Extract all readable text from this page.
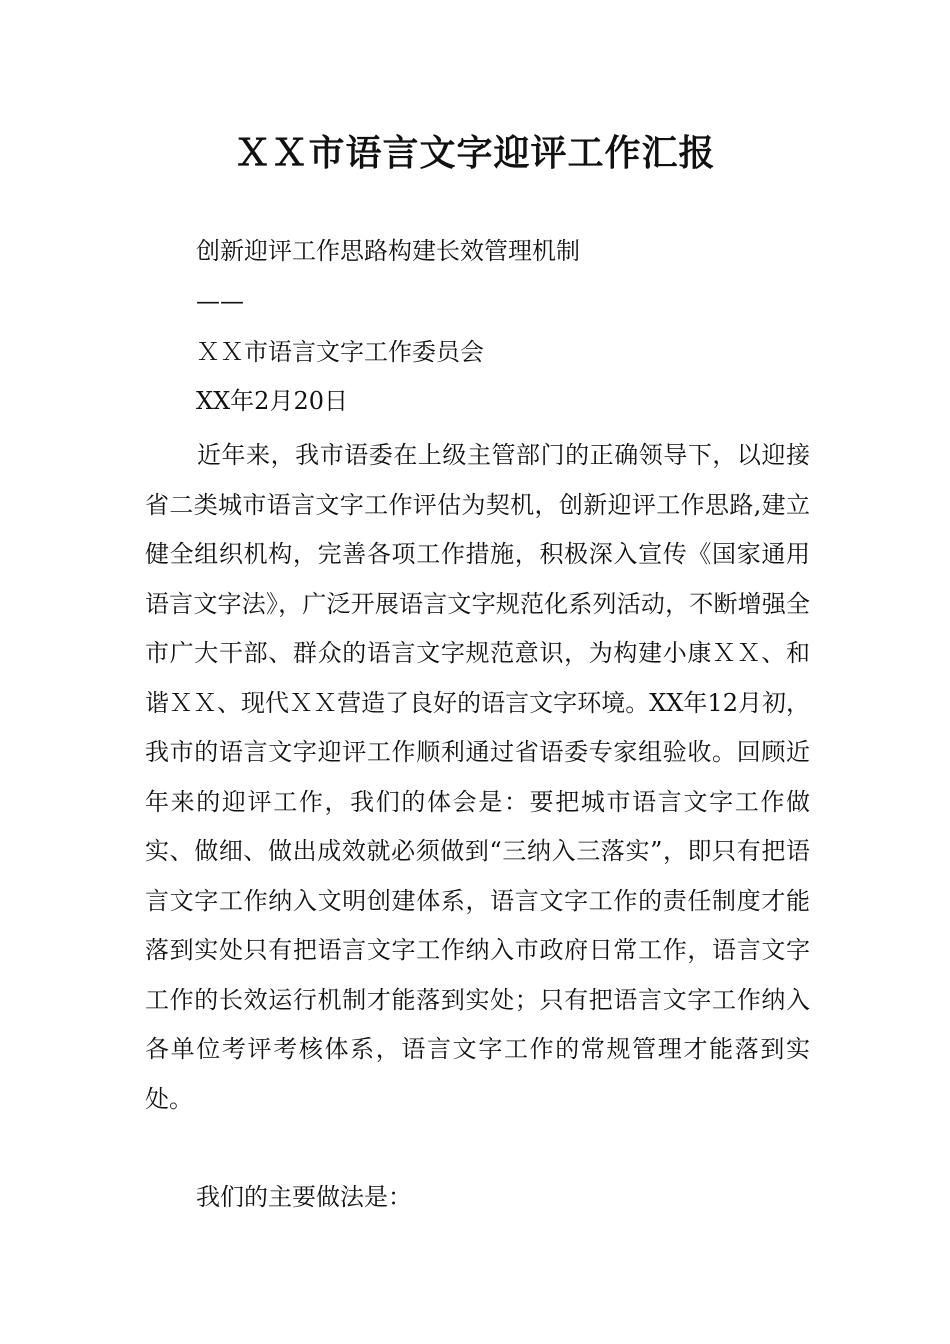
ＸＸ市语言文字迎评工作汇报

创新迎评工作思路构建长效管理机制

——

ＸＸ市语言文字工作委员会

XX年2月20日

近年来，我市语委在上级主管部门的正确领导下，以迎接省二类城市语言文字工作评估为契机，创新迎评工作思路,建立健全组织机构，完善各项工作措施，积极深入宣传《国家通用语言文字法》，广泛开展语言文字规范化系列活动，不断增强全市广大干部、群众的语言文字规范意识，为构建小康ＸＸ、和谐ＸＸ、现代ＸＸ营造了良好的语言文字环境。XX年12月初，我市的语言文字迎评工作顺利通过省语委专家组验收。回顾近年来的迎评工作，我们的体会是：要把城市语言文字工作做实、做细、做出成效就必须做到“三纳入三落实”，即只有把语言文字工作纳入文明创建体系，语言文字工作的责任制度才能落到实处只有把语言文字工作纳入市政府日常工作，语言文字工作的长效运行机制才能落到实处；只有把语言文字工作纳入各单位考评考核体系，语言文字工作的常规管理才能落到实处。

我们的主要做法是：
